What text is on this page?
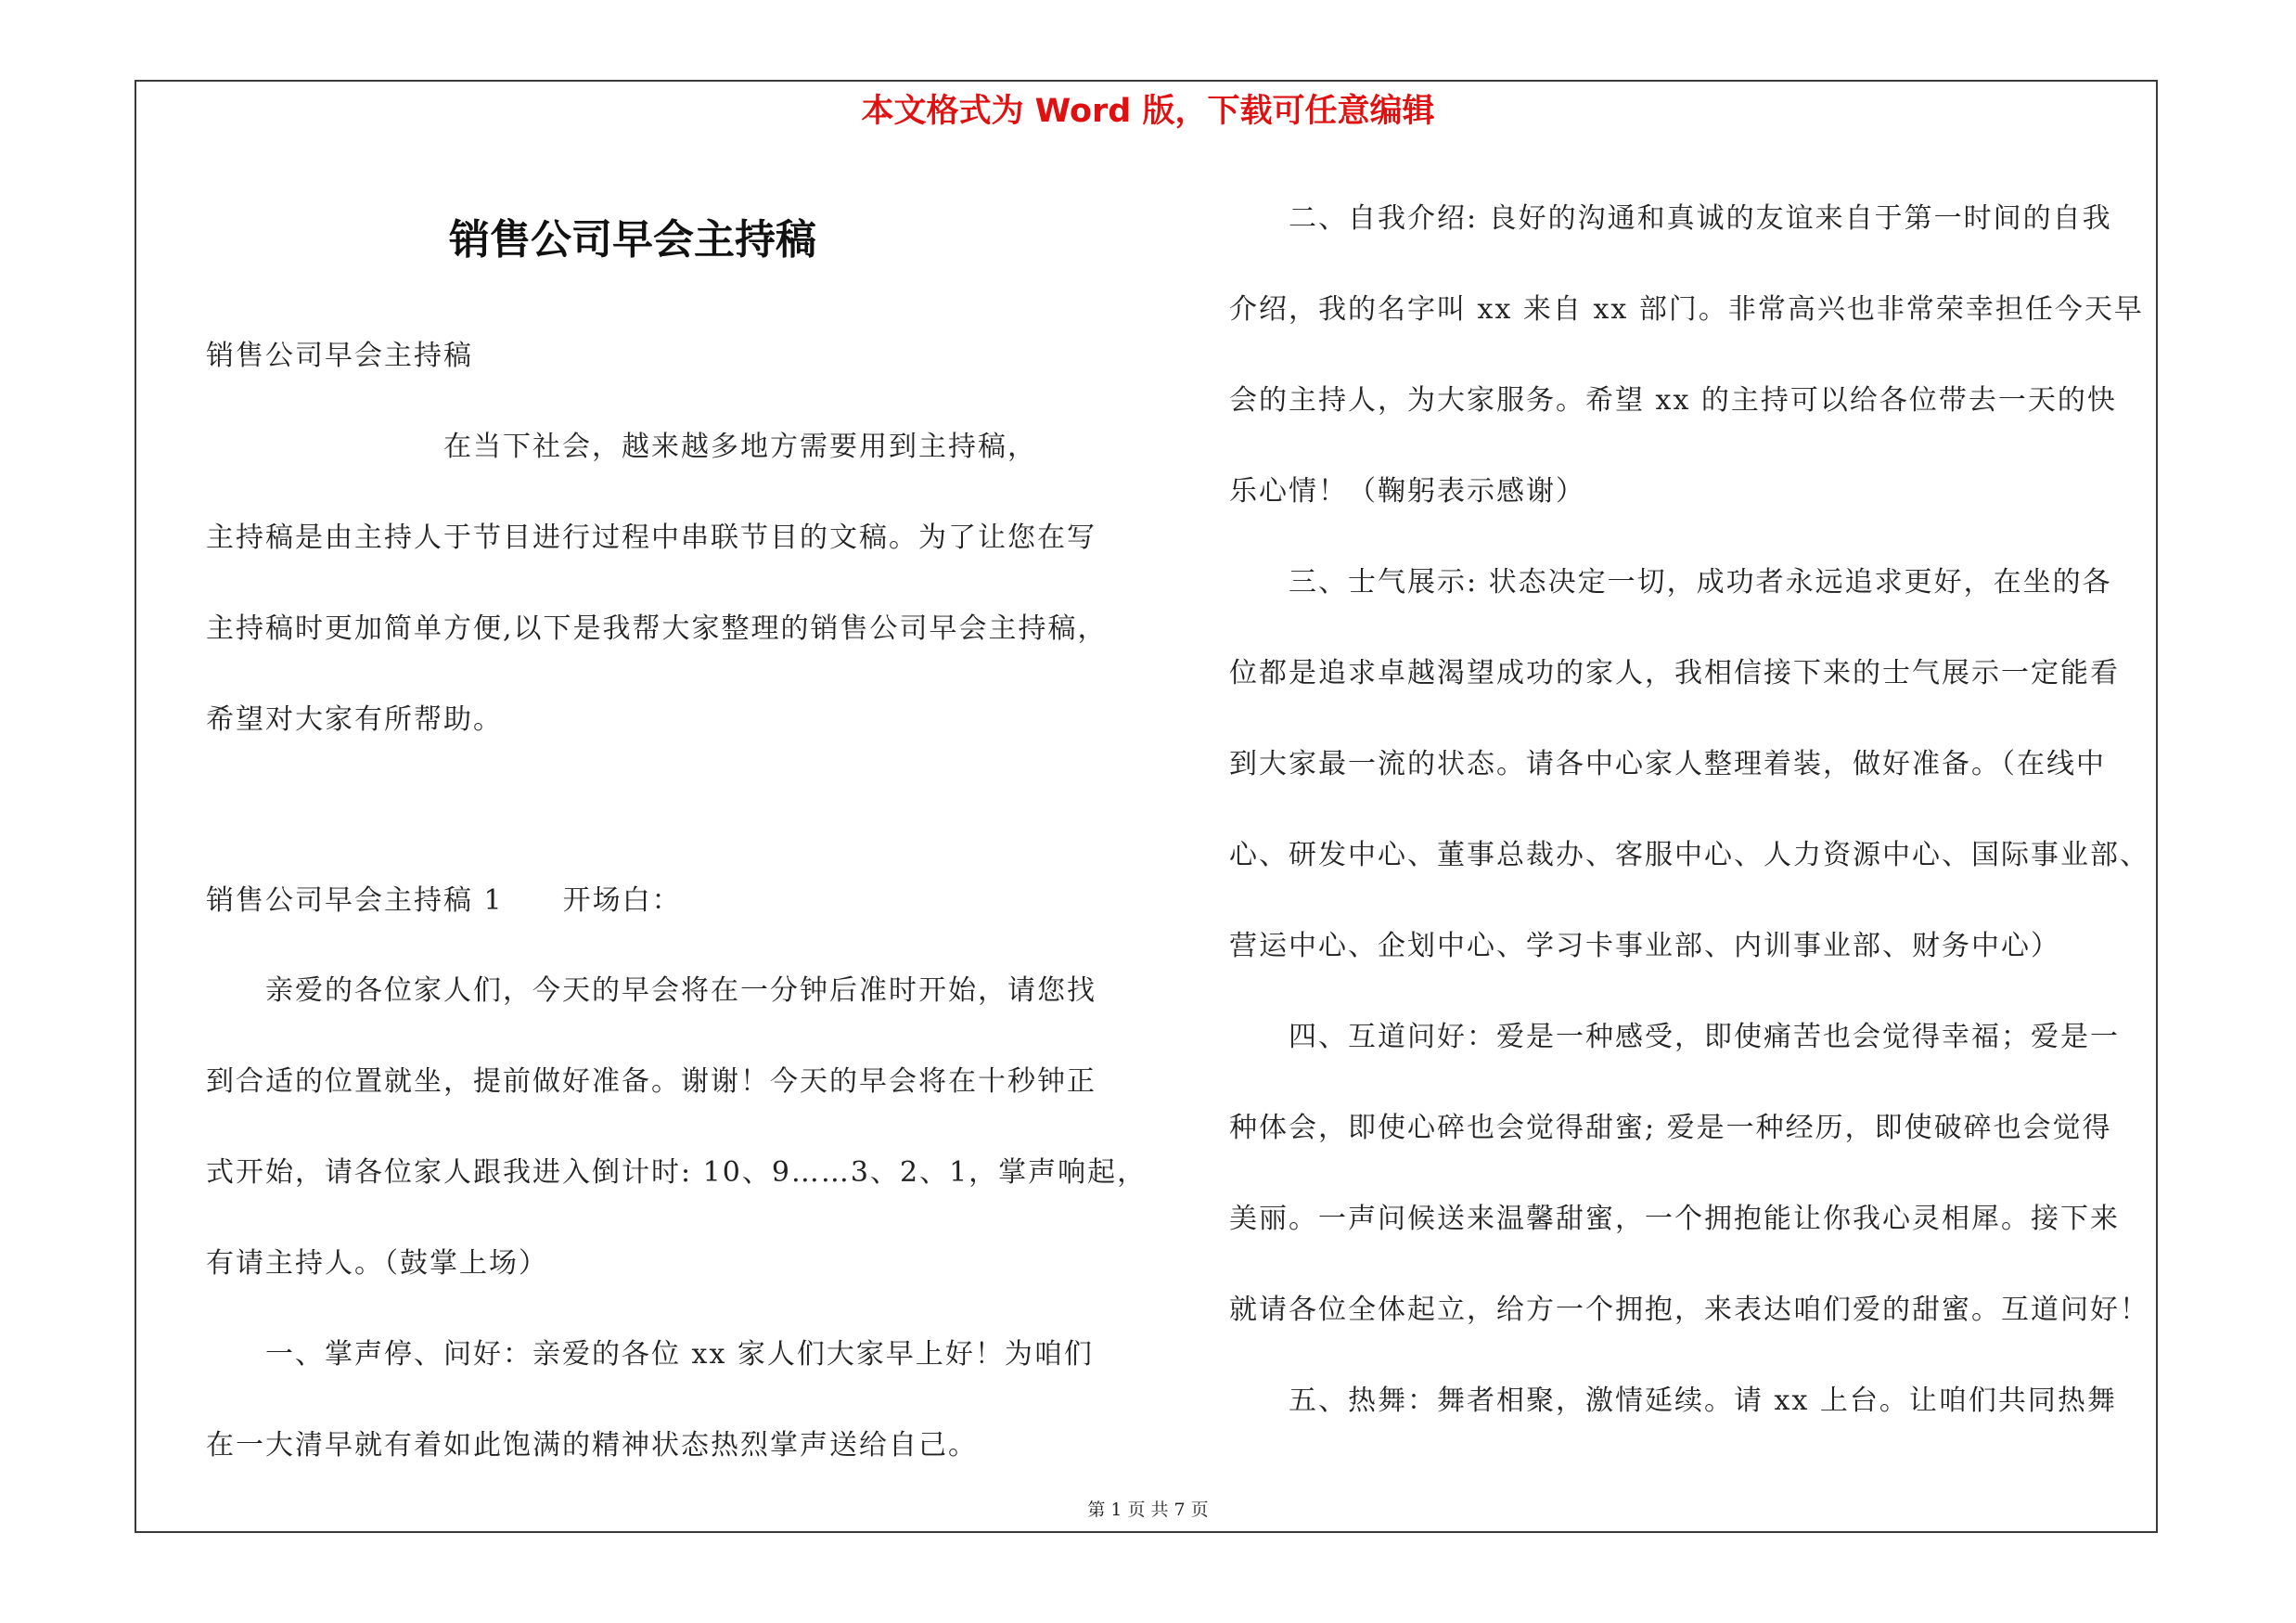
本文格式为 Word 版，下载可任意编辑
销售公司早会主持稿
销售公司早会主持稿
　　　　　　　　在当下社会，越来越多地方需要用到主持稿，
主持稿是由主持人于节目进行过程中串联节目的文稿。为了让您在写
主持稿时更加简单方便,以下是我帮大家整理的销售公司早会主持稿，
希望对大家有所帮助。
销售公司早会主持稿 1　　开场白：
　　亲爱的各位家人们，今天的早会将在一分钟后准时开始，请您找
到合适的位置就坐，提前做好准备。谢谢！今天的早会将在十秒钟正
式开始，请各位家人跟我进入倒计时: 10、9……3、2、1，掌声响起，
有请主持人。（鼓掌上场）
　　一、掌声停、问好：亲爱的各位 xx 家人们大家早上好！为咱们
在一大清早就有着如此饱满的精神状态热烈掌声送给自己。
　　二、自我介绍: 良好的沟通和真诚的友谊来自于第一时间的自我
介绍，我的名字叫 xx 来自 xx 部门。非常高兴也非常荣幸担任今天早
会的主持人，为大家服务。希望 xx 的主持可以给各位带去一天的快
乐心情！（鞠躬表示感谢）
　　三、士气展示: 状态决定一切，成功者永远追求更好，在坐的各
位都是追求卓越渴望成功的家人，我相信接下来的士气展示一定能看
到大家最一流的状态。请各中心家人整理着装，做好准备。（在线中
心、研发中心、董事总裁办、客服中心、人力资源中心、国际事业部、
营运中心、企划中心、学习卡事业部、内训事业部、财务中心）
　　四、互道问好：爱是一种感受，即使痛苦也会觉得幸福；爱是一
种体会，即使心碎也会觉得甜蜜; 爱是一种经历，即使破碎也会觉得
美丽。一声问候送来温馨甜蜜，一个拥抱能让你我心灵相犀。接下来
就请各位全体起立，给方一个拥抱，来表达咱们爱的甜蜜。互道问好！
　　五、热舞：舞者相聚，激情延续。请 xx 上台。让咱们共同热舞
第 1 页 共 7 页
